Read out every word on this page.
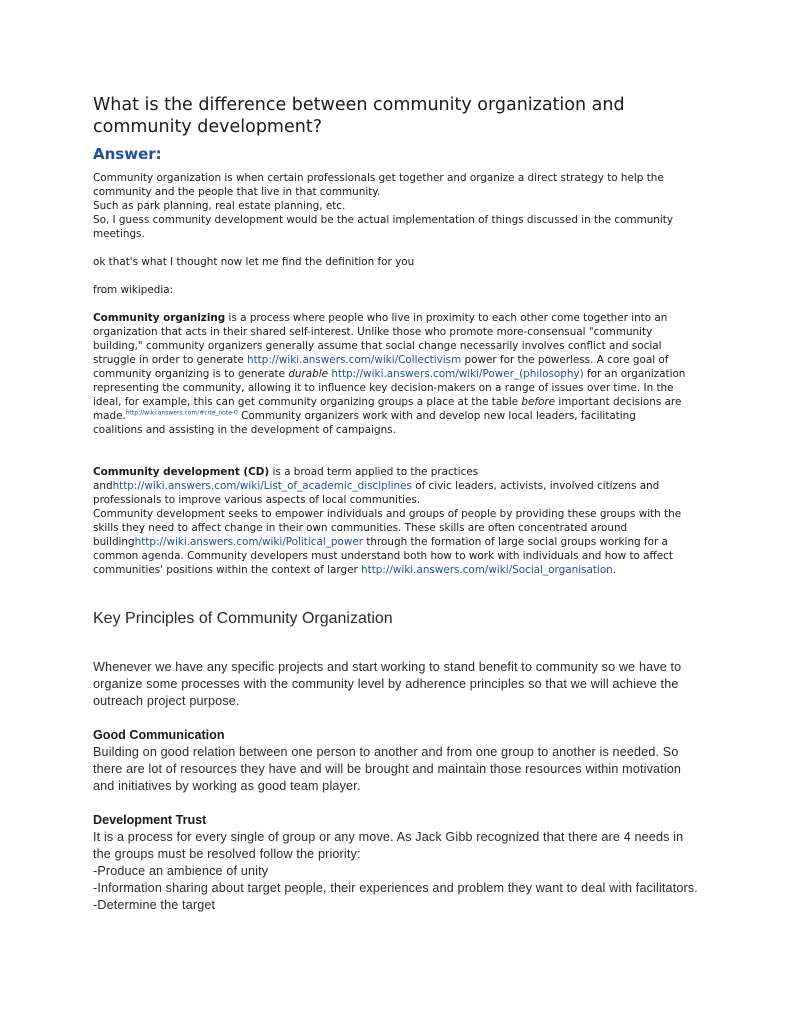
What is the difference between community organization and community development?
Answer:

Community organization is when certain professionals get together and organize a direct strategy to help the

community and the people that live in that community.

Such as park planning, real estate planning, etc.

So, I guess community development would be the actual implementation of things discussed in the community

meetings.

ok that's what I thought now let me find the definition for you

from wikipedia:

Community organizing is a process where people who live in proximity to each other come together into an

organization that acts in their shared self-interest. Unlike those who promote more-consensual "community

building," community organizers generally assume that social change necessarily involves conflict and social

struggle in order to generate http://wiki.answers.com/wiki/Collectivism power for the powerless. A core goal of

community organizing is to generate durable http://wiki.answers.com/wiki/Power_(philosophy) for an organization

representing the community, allowing it to influence key decision-makers on a range of issues over time. In the

ideal, for example, this can get community organizing groups a place at the table before important decisions are

made.$^{http://wiki.answers.com/\#cite\_note-0}$ Community organizers work with and develop new local leaders, facilitating

coalitions and assisting in the development of campaigns.

Community development (CD) is a broad term applied to the practices

andhttp://wiki.answers.com/wiki/List_of_academic_disciplines of civic leaders, activists, involved citizens and

professionals to improve various aspects of local communities.

Community development seeks to empower individuals and groups of people by providing these groups with the

skills they need to affect change in their own communities. These skills are often concentrated around

buildinghttp://wiki.answers.com/wiki/Political_power through the formation of large social groups working for a

common agenda. Community developers must understand both how to work with individuals and how to affect

communities' positions within the context of larger http://wiki.answers.com/wiki/Social_organisation.

Key Principles of Community Organization

Whenever we have any specific projects and start working to stand benefit to community so we have to

organize some processes with the community level by adherence principles so that we will achieve the

outreach project purpose.

Good Communication

Building on good relation between one person to another and from one group to another is needed. So

there are lot of resources they have and will be brought and maintain those resources within motivation

and initiatives by working as good team player.

Development Trust

It is a process for every single of group or any move. As Jack Gibb recognized that there are 4 needs in

the groups must be resolved follow the priority:

-Produce an ambience of unity

-Information sharing about target people, their experiences and problem they want to deal with facilitators.

-Determine the target
